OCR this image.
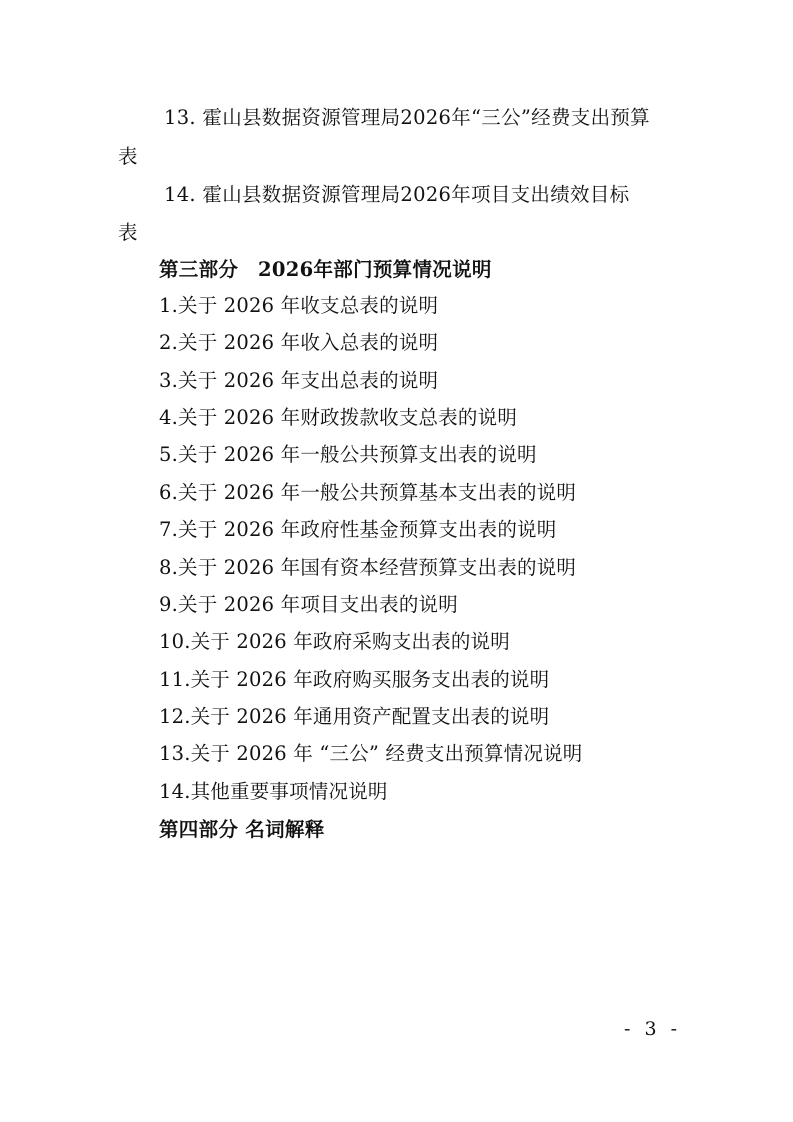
13. 霍山县数据资源管理局2026年“三公”经费支出预算
表
14. 霍山县数据资源管理局2026年项目支出绩效目标
表
第三部分　2026年部门预算情况说明
1.关于 2026 年收支总表的说明
2.关于 2026 年收入总表的说明
3.关于 2026 年支出总表的说明
4.关于 2026 年财政拨款收支总表的说明
5.关于 2026 年一般公共预算支出表的说明
6.关于 2026 年一般公共预算基本支出表的说明
7.关于 2026 年政府性基金预算支出表的说明
8.关于 2026 年国有资本经营预算支出表的说明
9.关于 2026 年项目支出表的说明
10.关于 2026 年政府采购支出表的说明
11.关于 2026 年政府购买服务支出表的说明
12.关于 2026 年通用资产配置支出表的说明
13.关于 2026 年 “三公” 经费支出预算情况说明
14.其他重要事项情况说明
第四部分 名词解释
- 3 -
